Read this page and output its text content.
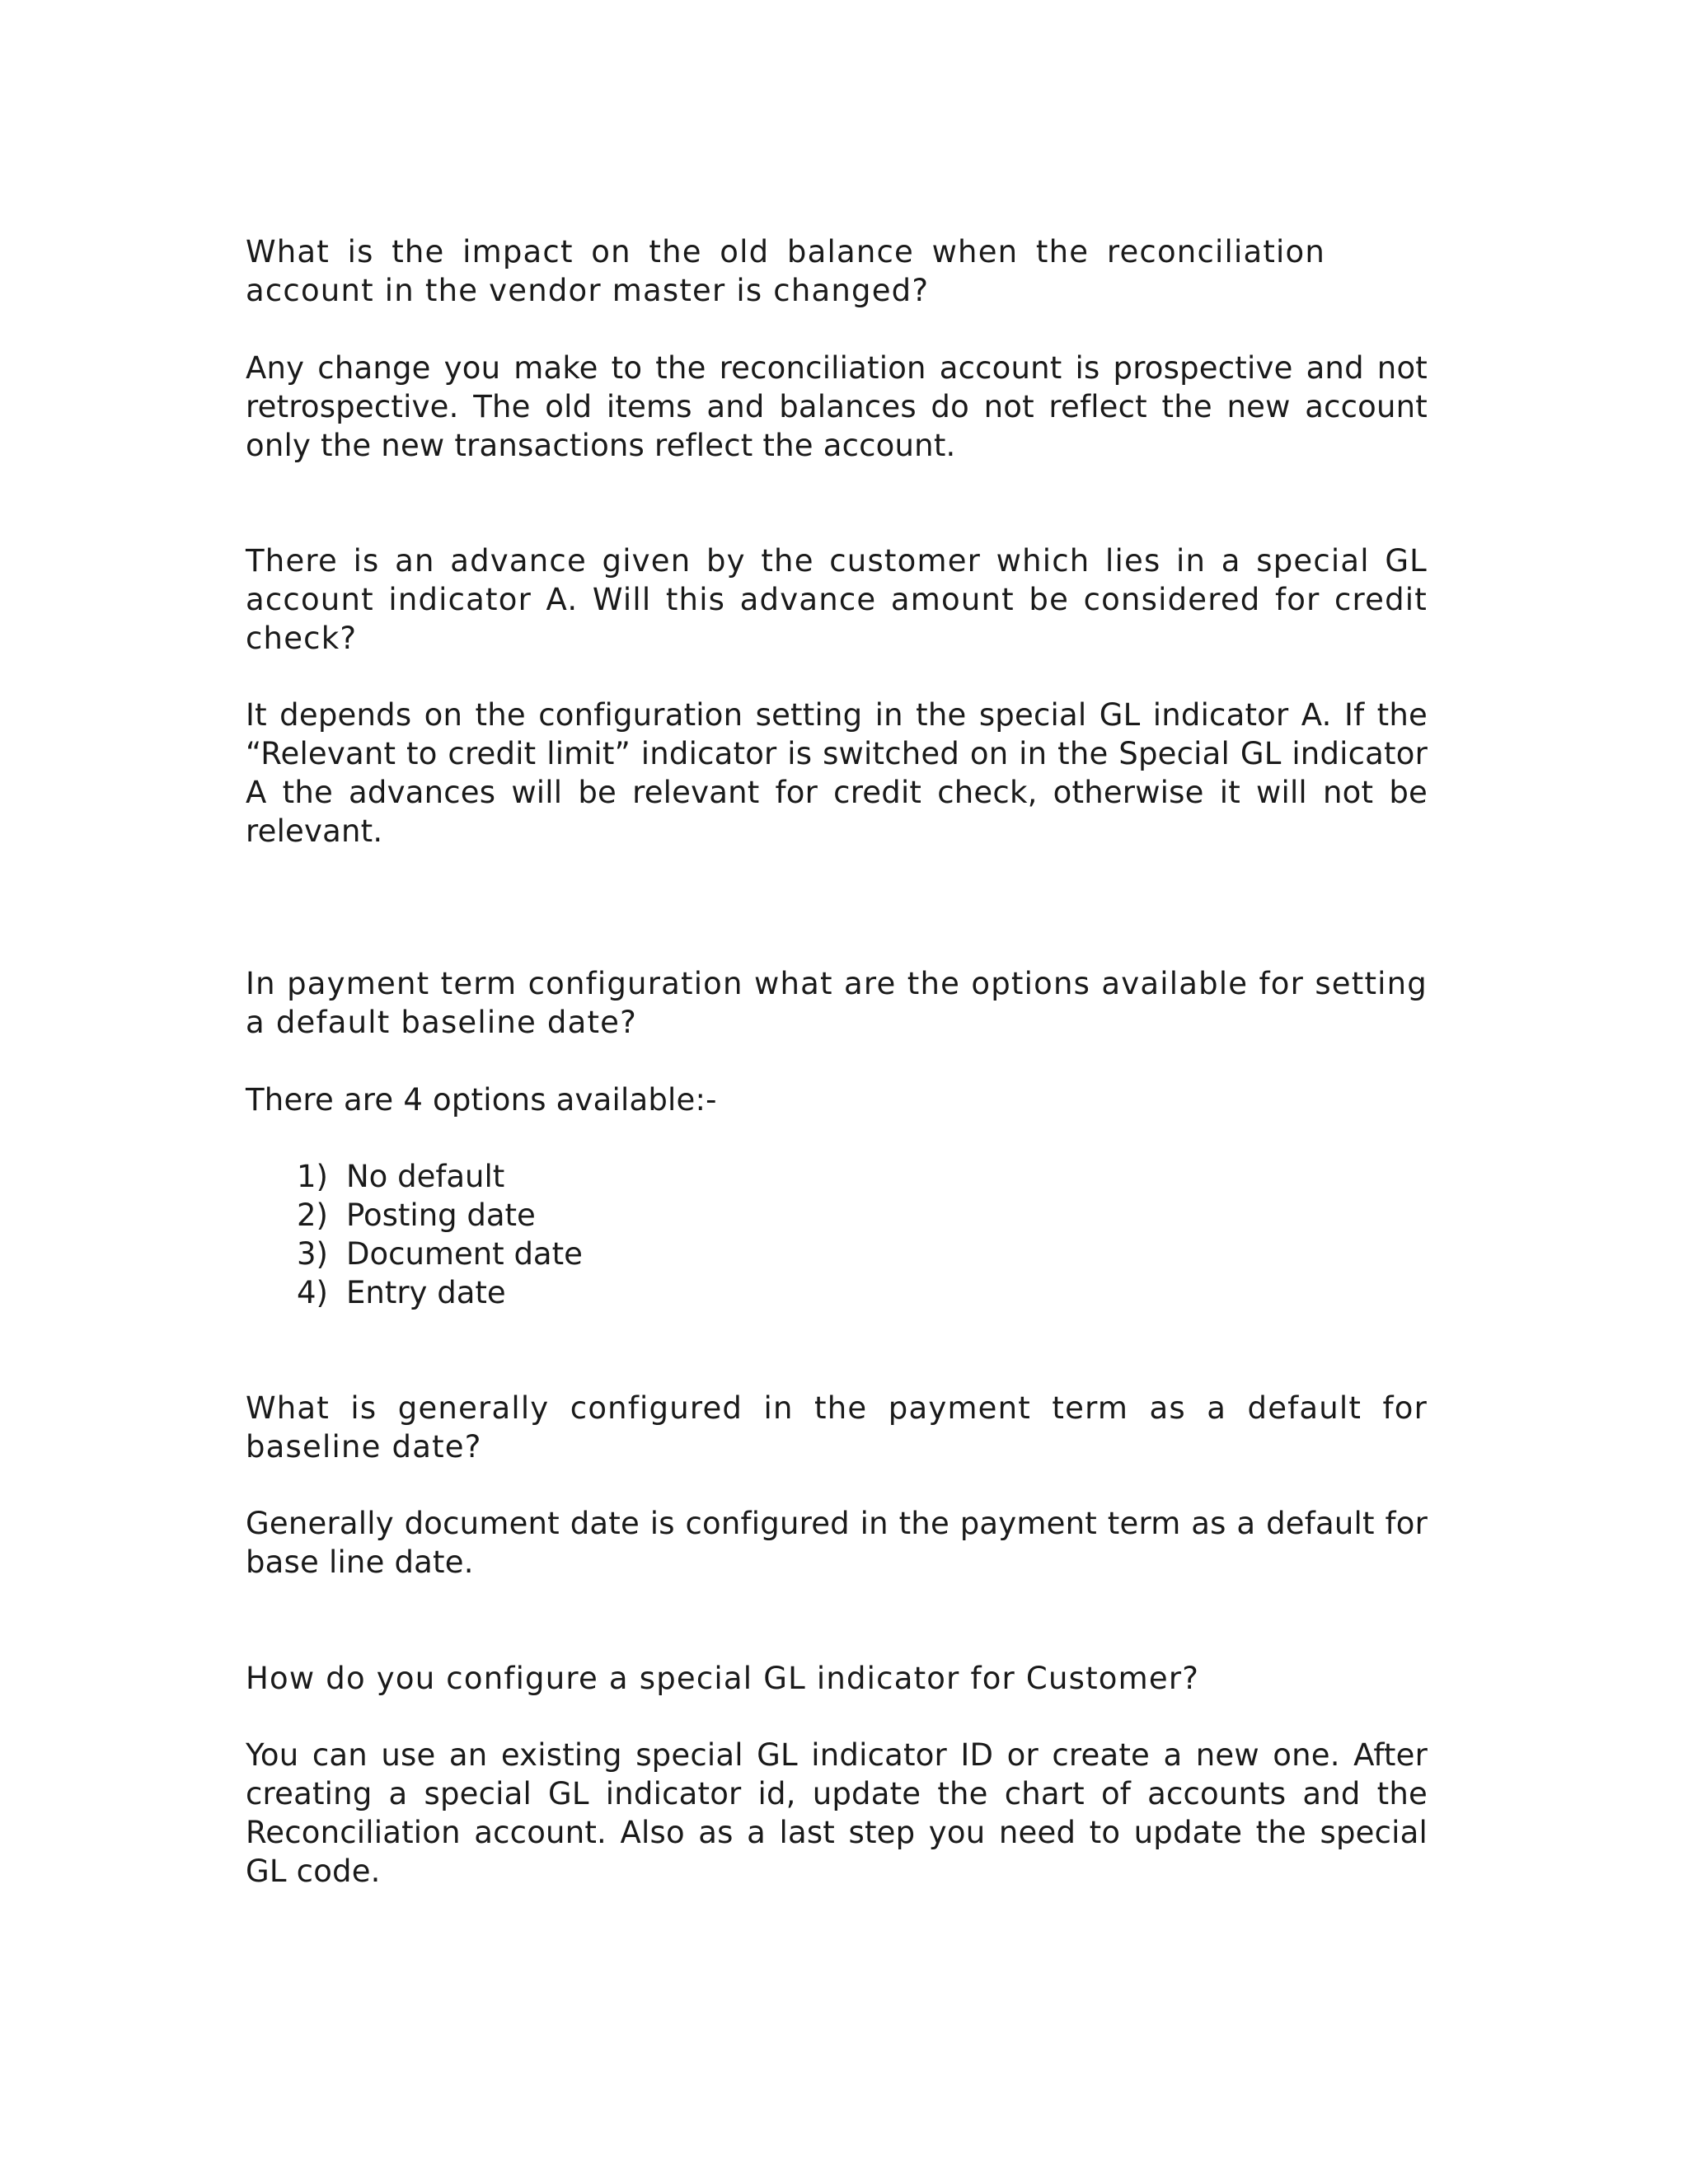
What is the impact on the old balance when the reconciliation account in the vendor master is changed?

Any change you make to the reconciliation account is prospective and not retrospective. The old items and balances do not reflect the new account only the new transactions reflect the account.

There is an advance given by the customer which lies in a special GL account indicator A. Will this advance amount be considered for credit check?

It depends on the configuration setting in the special GL indicator A. If the “Relevant to credit limit” indicator is switched on in the Special GL indicator A the advances will be relevant for credit check, otherwise it will not be relevant.

In payment term configuration what are the options available for setting a default baseline date?

There are 4 options available:-

1) No default
2) Posting date
3) Document date
4) Entry date

What is generally configured in the payment term as a default for baseline date?

Generally document date is configured in the payment term as a default for base line date.

How do you configure a special GL indicator for Customer?

You can use an existing special GL indicator ID or create a new one. After creating a special GL indicator id, update the chart of accounts and the Reconciliation account. Also as a last step you need to update the special GL code.
